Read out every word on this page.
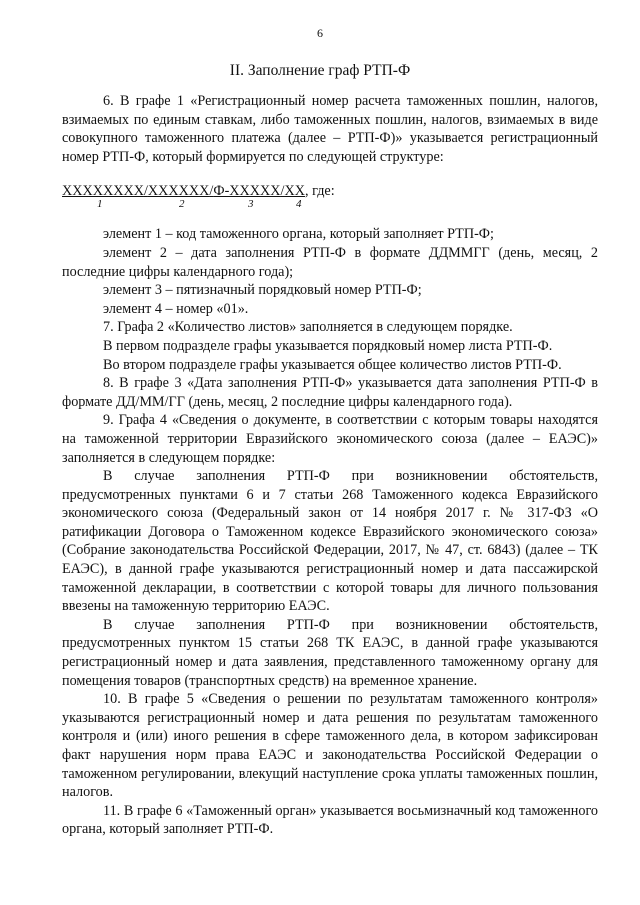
6
II. Заполнение граф РТП-Ф

6. В графе 1 «Регистрационный номер расчета таможенных пошлин, налогов, взимаемых по единым ставкам, либо таможенных пошлин, налогов, взимаемых в виде совокупного таможенного платежа (далее – РТП-Ф)» указывается регистрационный номер РТП-Ф, который формируется по следующей структуре:

XXXXXXXX/XXXXXX/Ф-XXXXX/XX, где:

1	2	3	4

элемент 1 – код таможенного органа, который заполняет РТП-Ф;

элемент 2 – дата заполнения РТП-Ф в формате ДДММГГ (день, месяц, 2 последние цифры календарного года);

элемент 3 – пятизначный порядковый номер РТП-Ф;

элемент 4 – номер «01».

7. Графа 2 «Количество листов» заполняется в следующем порядке.

В первом подразделе графы указывается порядковый номер листа РТП-Ф.

Во втором подразделе графы указывается общее количество листов РТП-Ф.

8. В графе 3 «Дата заполнения РТП-Ф» указывается дата заполнения РТП-Ф в формате ДД/ММ/ГГ (день, месяц, 2 последние цифры календарного года).

9. Графа 4 «Сведения о документе, в соответствии с которым товары находятся на таможенной территории Евразийского экономического союза (далее – ЕАЭС)» заполняется в следующем порядке:

В случае заполнения РТП-Ф при возникновении обстоятельств, предусмотренных пунктами 6 и 7 статьи 268 Таможенного кодекса Евразийского экономического союза (Федеральный закон от 14 ноября 2017 г. № 317-ФЗ «О ратификации Договора о Таможенном кодексе Евразийского экономического союза» (Собрание законодательства Российской Федерации, 2017, № 47, ст. 6843) (далее – ТК ЕАЭС), в данной графе указываются регистрационный номер и дата пассажирской таможенной декларации, в соответствии с которой товары для личного пользования ввезены на таможенную территорию ЕАЭС.

В случае заполнения РТП-Ф при возникновении обстоятельств, предусмотренных пунктом 15 статьи 268 ТК ЕАЭС, в данной графе указываются регистрационный номер и дата заявления, представленного таможенному органу для помещения товаров (транспортных средств) на временное хранение.

10. В графе 5 «Сведения о решении по результатам таможенного контроля» указываются регистрационный номер и дата решения по результатам таможенного контроля и (или) иного решения в сфере таможенного дела, в котором зафиксирован факт нарушения норм права ЕАЭС и законодательства Российской Федерации о таможенном регулировании, влекущий наступление срока уплаты таможенных пошлин, налогов.

11. В графе 6 «Таможенный орган» указывается восьмизначный код таможенного органа, который заполняет РТП-Ф.
